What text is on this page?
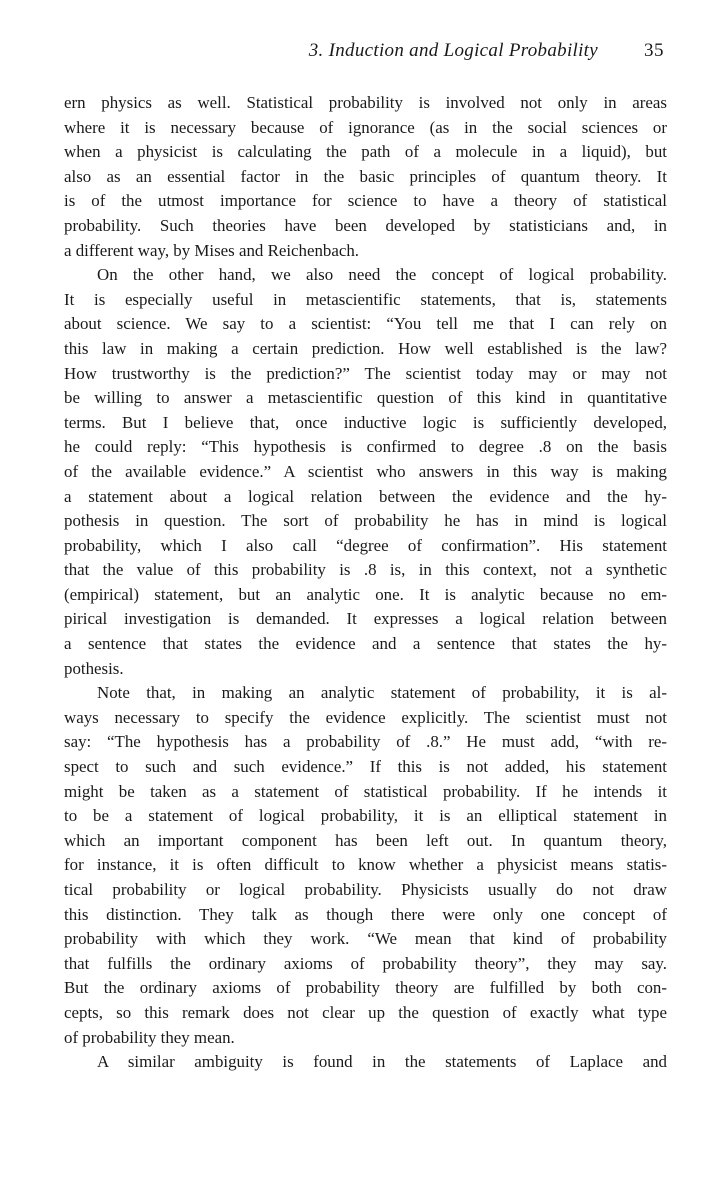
3. Induction and Logical Probability 35
ern physics as well. Statistical probability is involved not only in areas
where it is necessary because of ignorance (as in the social sciences or
when a physicist is calculating the path of a molecule in a liquid), but
also as an essential factor in the basic principles of quantum theory. It
is of the utmost importance for science to have a theory of statistical
probability. Such theories have been developed by statisticians and, in
a different way, by Mises and Reichenbach.
On the other hand, we also need the concept of logical probability.
It is especially useful in metascientific statements, that is, statements
about science. We say to a scientist: “You tell me that I can rely on
this law in making a certain prediction. How well established is the law?
How trustworthy is the prediction?” The scientist today may or may not
be willing to answer a metascientific question of this kind in quantitative
terms. But I believe that, once inductive logic is sufficiently developed,
he could reply: “This hypothesis is confirmed to degree .8 on the basis
of the available evidence.” A scientist who answers in this way is making
a statement about a logical relation between the evidence and the hy-
pothesis in question. The sort of probability he has in mind is logical
probability, which I also call “degree of confirmation”. His statement
that the value of this probability is .8 is, in this context, not a synthetic
(empirical) statement, but an analytic one. It is analytic because no em-
pirical investigation is demanded. It expresses a logical relation between
a sentence that states the evidence and a sentence that states the hy-
pothesis.
Note that, in making an analytic statement of probability, it is al-
ways necessary to specify the evidence explicitly. The scientist must not
say: “The hypothesis has a probability of .8.” He must add, “with re-
spect to such and such evidence.” If this is not added, his statement
might be taken as a statement of statistical probability. If he intends it
to be a statement of logical probability, it is an elliptical statement in
which an important component has been left out. In quantum theory,
for instance, it is often difficult to know whether a physicist means statis-
tical probability or logical probability. Physicists usually do not draw
this distinction. They talk as though there were only one concept of
probability with which they work. “We mean that kind of probability
that fulfills the ordinary axioms of probability theory”, they may say.
But the ordinary axioms of probability theory are fulfilled by both con-
cepts, so this remark does not clear up the question of exactly what type
of probability they mean.
A similar ambiguity is found in the statements of Laplace and
